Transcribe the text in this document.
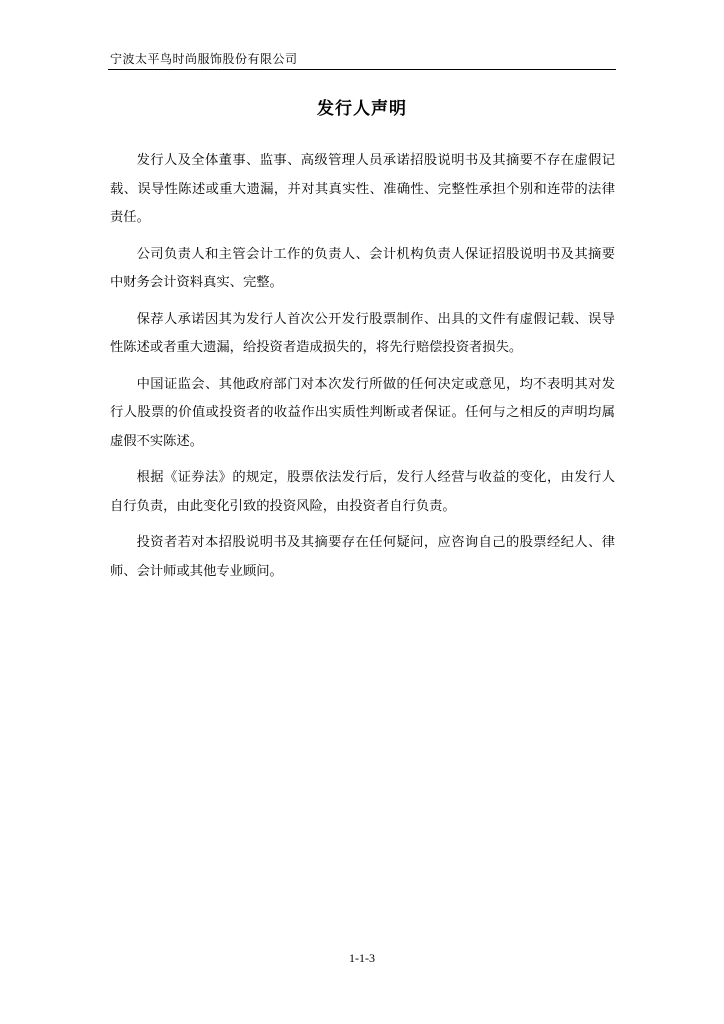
宁波太平鸟时尚服饰股份有限公司
发行人声明

发行人及全体董事、监事、高级管理人员承诺招股说明书及其摘要不存在虚假记载、误导性陈述或重大遗漏，并对其真实性、准确性、完整性承担个别和连带的法律责任。

公司负责人和主管会计工作的负责人、会计机构负责人保证招股说明书及其摘要中财务会计资料真实、完整。

保荐人承诺因其为发行人首次公开发行股票制作、出具的文件有虚假记载、误导性陈述或者重大遗漏，给投资者造成损失的，将先行赔偿投资者损失。

中国证监会、其他政府部门对本次发行所做的任何决定或意见，均不表明其对发行人股票的价值或投资者的收益作出实质性判断或者保证。任何与之相反的声明均属虚假不实陈述。

根据《证券法》的规定，股票依法发行后，发行人经营与收益的变化，由发行人自行负责，由此变化引致的投资风险，由投资者自行负责。

投资者若对本招股说明书及其摘要存在任何疑问，应咨询自己的股票经纪人、律师、会计师或其他专业顾问。

1-1-3
